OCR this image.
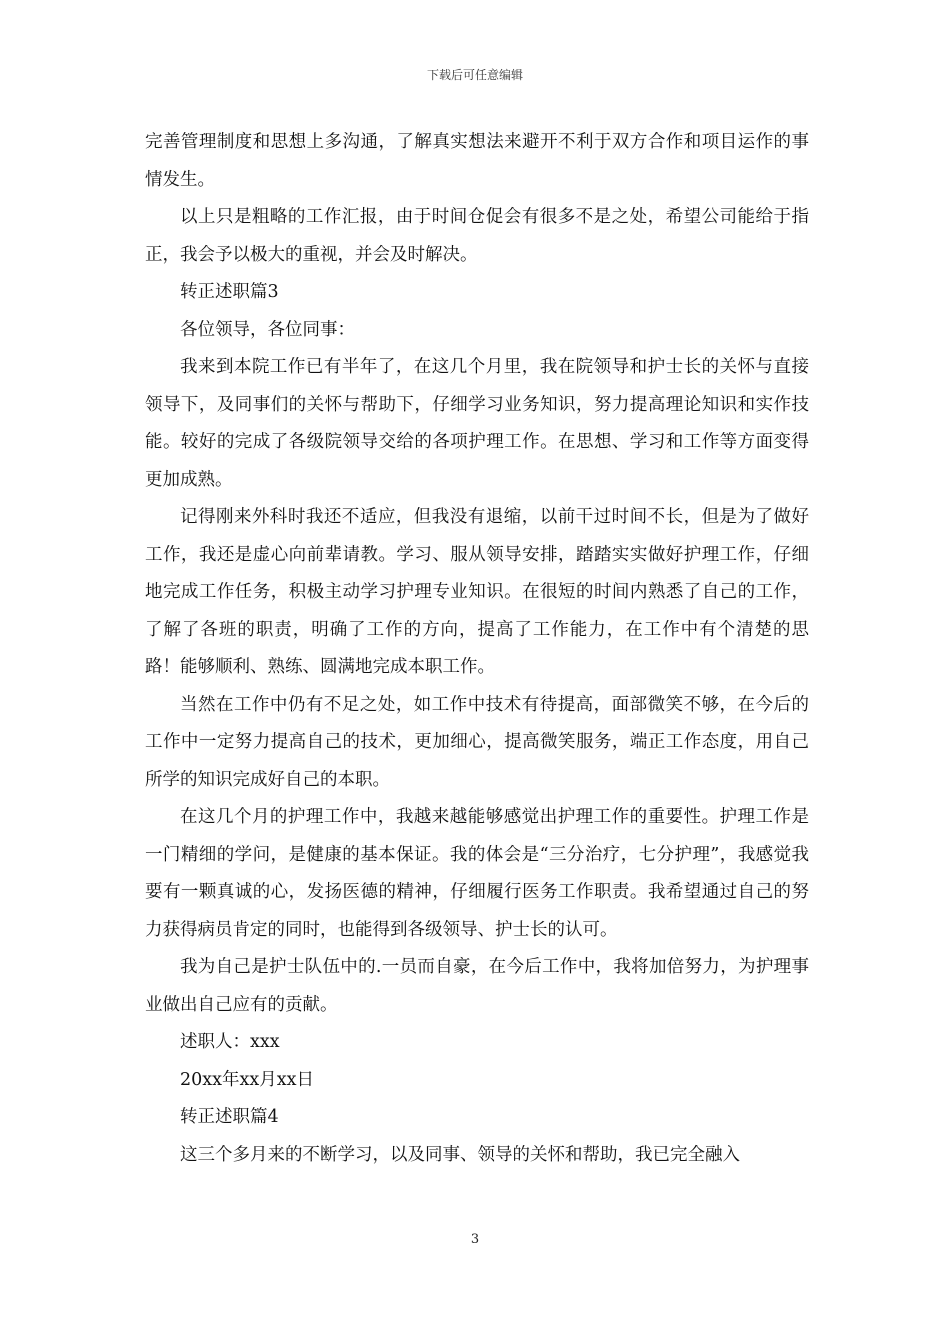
下载后可任意编辑

完善管理制度和思想上多沟通，了解真实想法来避开不利于双方合作和项目运作的事情发生。

以上只是粗略的工作汇报，由于时间仓促会有很多不是之处，希望公司能给于指正，我会予以极大的重视，并会及时解决。

转正述职篇3

各位领导，各位同事：

我来到本院工作已有半年了，在这几个月里，我在院领导和护士长的关怀与直接领导下，及同事们的关怀与帮助下，仔细学习业务知识，努力提高理论知识和实作技能。较好的完成了各级院领导交给的各项护理工作。在思想、学习和工作等方面变得更加成熟。

记得刚来外科时我还不适应，但我没有退缩，以前干过时间不长，但是为了做好工作，我还是虚心向前辈请教。学习、服从领导安排，踏踏实实做好护理工作，仔细地完成工作任务，积极主动学习护理专业知识。在很短的时间内熟悉了自己的工作，了解了各班的职责，明确了工作的方向，提高了工作能力，在工作中有个清楚的思路！能够顺利、熟练、圆满地完成本职工作。

当然在工作中仍有不足之处，如工作中技术有待提高，面部微笑不够，在今后的工作中一定努力提高自己的技术，更加细心，提高微笑服务，端正工作态度，用自己所学的知识完成好自己的本职。

在这几个月的护理工作中，我越来越能够感觉出护理工作的重要性。护理工作是一门精细的学问，是健康的基本保证。我的体会是“三分治疗，七分护理”，我感觉我要有一颗真诚的心，发扬医德的精神，仔细履行医务工作职责。我希望通过自己的努力获得病员肯定的同时，也能得到各级领导、护士长的认可。

我为自己是护士队伍中的.一员而自豪，在今后工作中，我将加倍努力，为护理事业做出自己应有的贡献。

述职人：xxx

20xx年xx月xx日

转正述职篇4

这三个多月来的不断学习，以及同事、领导的关怀和帮助，我已完全融入

3
